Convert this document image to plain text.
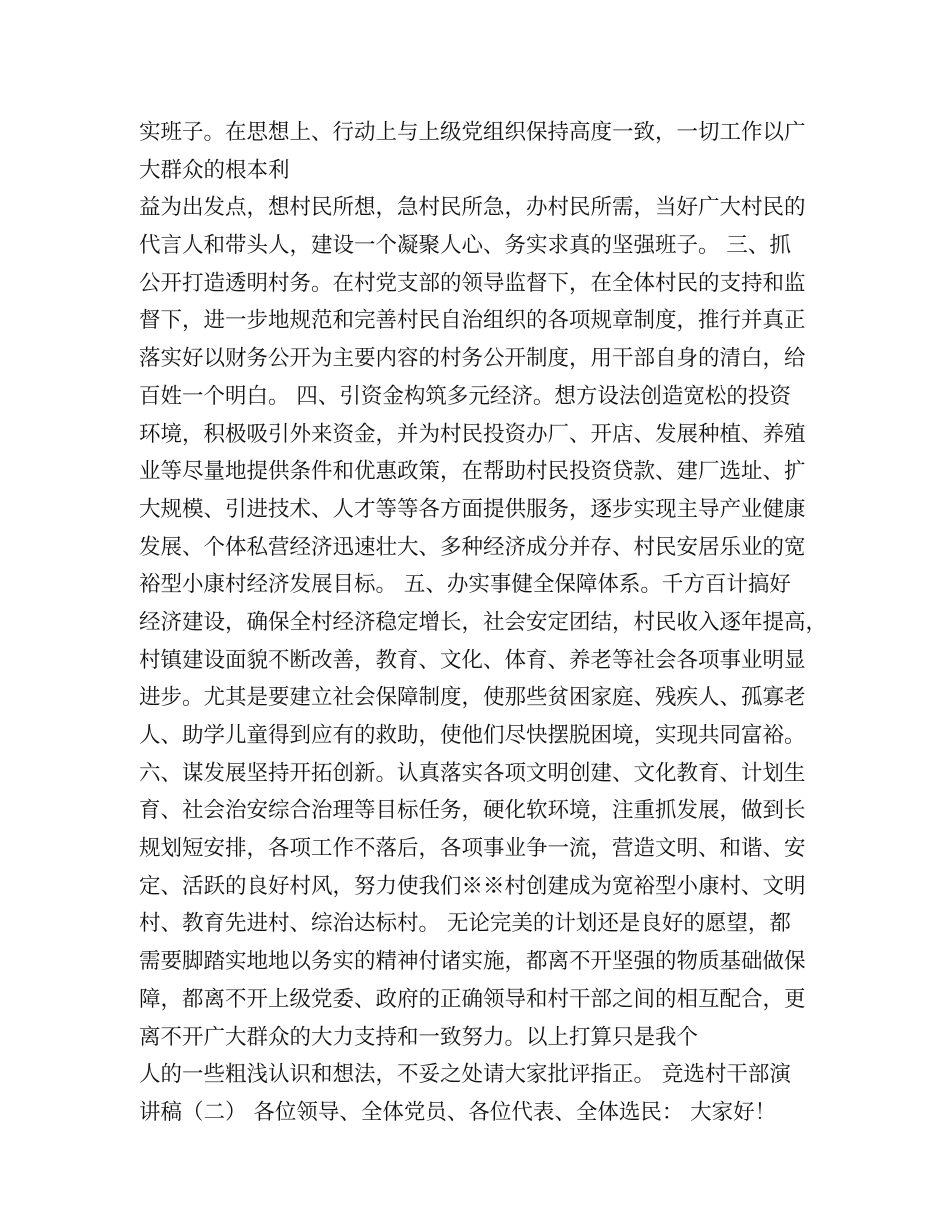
实班子。在思想上、行动上与上级党组织保持高度一致，一切工作以广
大群众的根本利
益为出发点，想村民所想，急村民所急，办村民所需，当好广大村民的
代言人和带头人，建设一个凝聚人心、务实求真的坚强班子。 三、抓
公开打造透明村务。在村党支部的领导监督下，在全体村民的支持和监
督下，进一步地规范和完善村民自治组织的各项规章制度，推行并真正
落实好以财务公开为主要内容的村务公开制度，用干部自身的清白，给
百姓一个明白。 四、引资金构筑多元经济。想方设法创造宽松的投资
环境，积极吸引外来资金，并为村民投资办厂、开店、发展种植、养殖
业等尽量地提供条件和优惠政策，在帮助村民投资贷款、建厂选址、扩
大规模、引进技术、人才等等各方面提供服务，逐步实现主导产业健康
发展、个体私营经济迅速壮大、多种经济成分并存、村民安居乐业的宽
裕型小康村经济发展目标。 五、办实事健全保障体系。千方百计搞好
经济建设，确保全村经济稳定增长，社会安定团结，村民收入逐年提高，
村镇建设面貌不断改善，教育、文化、体育、养老等社会各项事业明显
进步。尤其是要建立社会保障制度，使那些贫困家庭、残疾人、孤寡老
人、助学儿童得到应有的救助，使他们尽快摆脱困境，实现共同富裕。
六、谋发展坚持开拓创新。认真落实各项文明创建、文化教育、计划生
育、社会治安综合治理等目标任务，硬化软环境，注重抓发展，做到长
规划短安排，各项工作不落后，各项事业争一流，营造文明、和谐、安
定、活跃的良好村风，努力使我们※※村创建成为宽裕型小康村、文明
村、教育先进村、综治达标村。 无论完美的计划还是良好的愿望，都
需要脚踏实地地以务实的精神付诸实施，都离不开坚强的物质基础做保
障，都离不开上级党委、政府的正确领导和村干部之间的相互配合，更
离不开广大群众的大力支持和一致努力。以上打算只是我个
人的一些粗浅认识和想法，不妥之处请大家批评指正。 竞选村干部演
讲稿（二） 各位领导、全体党员、各位代表、全体选民： 大家好！
